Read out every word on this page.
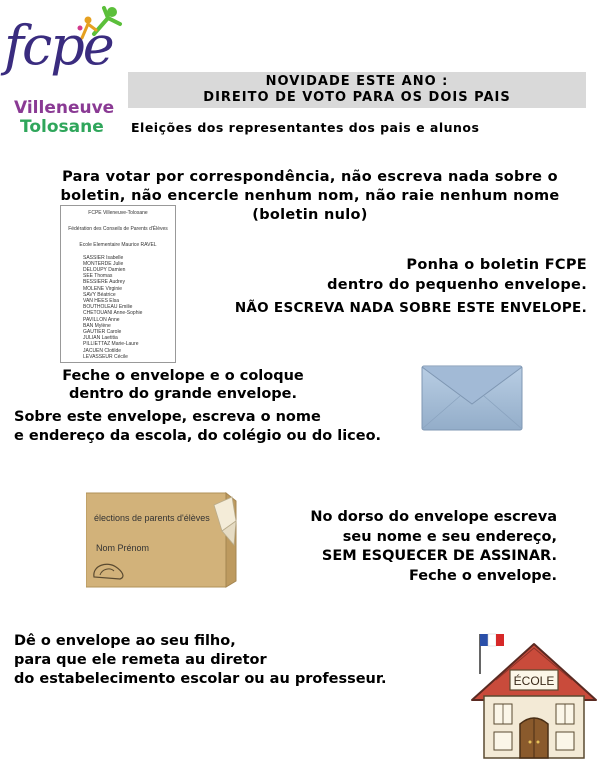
fcpe
Villeneuve
Tolosane
NOVIDADE ESTE ANO :
DIREITO DE VOTO PARA OS DOIS PAIS
Eleições dos representantes dos pais e alunos
Para votar por correspondência, não escreva nada sobre o boletin, não encercle nenhum nom, não raie nenhum nome (boletin nulo)
FCPE Villeneuve-Tolosane
Fédération des Conseils de Parents d'Élèves
Ecole Elementaire Maurice RAVEL
SASSIER Isabelle
MONTERDE Julie
DELOUPY Damien
SEE Thomas
BESSIERE Audrey
MOLENE Virginie
SAVY Béatrice
VAN HEES Elsa
BOUTHOLEAU Emilie
CHETOUANI Anne-Sophie
PAVILLON Anne
BAN Mylène
GAUTIER Carole
JULIAN Laetitia
PILLIETTAZ Marie-Laure
JACUEN Clotilde
LEVASSEUR Cécile
Ponha o boletin FCPE
dentro do pequenho envelope.
NÃO ESCREVA NADA SOBRE ESTE ENVELOPE.
Feche o envelope e o coloque
dentro do grande envelope.
Sobre este envelope, escreva o nome
e endereço da escola, do colégio ou do liceo.
élections de parents d'élèves
Nom Prénom
No dorso do envelope escreva
seu nome e seu endereço,
SEM ESQUECER DE ASSINAR.
Feche o envelope.
Dê o envelope ao seu filho,
para que ele remeta au diretor
do estabelecimento escolar ou au professeur.	ÉCOLE
